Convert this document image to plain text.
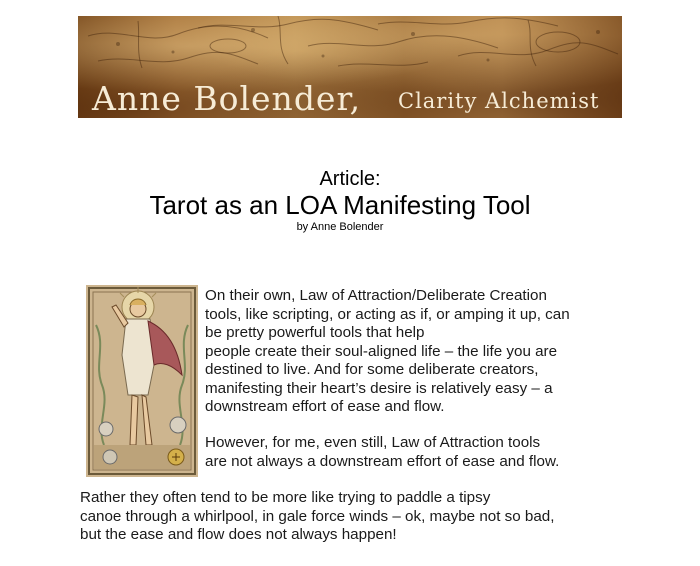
Anne Bolender, Clarity Alchemist
Article:
Tarot as an LOA Manifesting Tool
by Anne Bolender
On their own, Law of Attraction/Deliberate Creation
tools, like scripting, or acting as if, or amping it up, can
be pretty powerful tools that help
people create their soul-aligned life – the life you are
destined to live. And for some deliberate creators,
manifesting their heart’s desire is relatively easy – a
downstream effort of ease and flow.
However, for me, even still, Law of Attraction tools
are not always a downstream effort of ease and flow.
Rather they often tend to be more like trying to paddle a tipsy
canoe through a whirlpool, in gale force winds – ok, maybe not so bad,
but the ease and flow does not always happen!
